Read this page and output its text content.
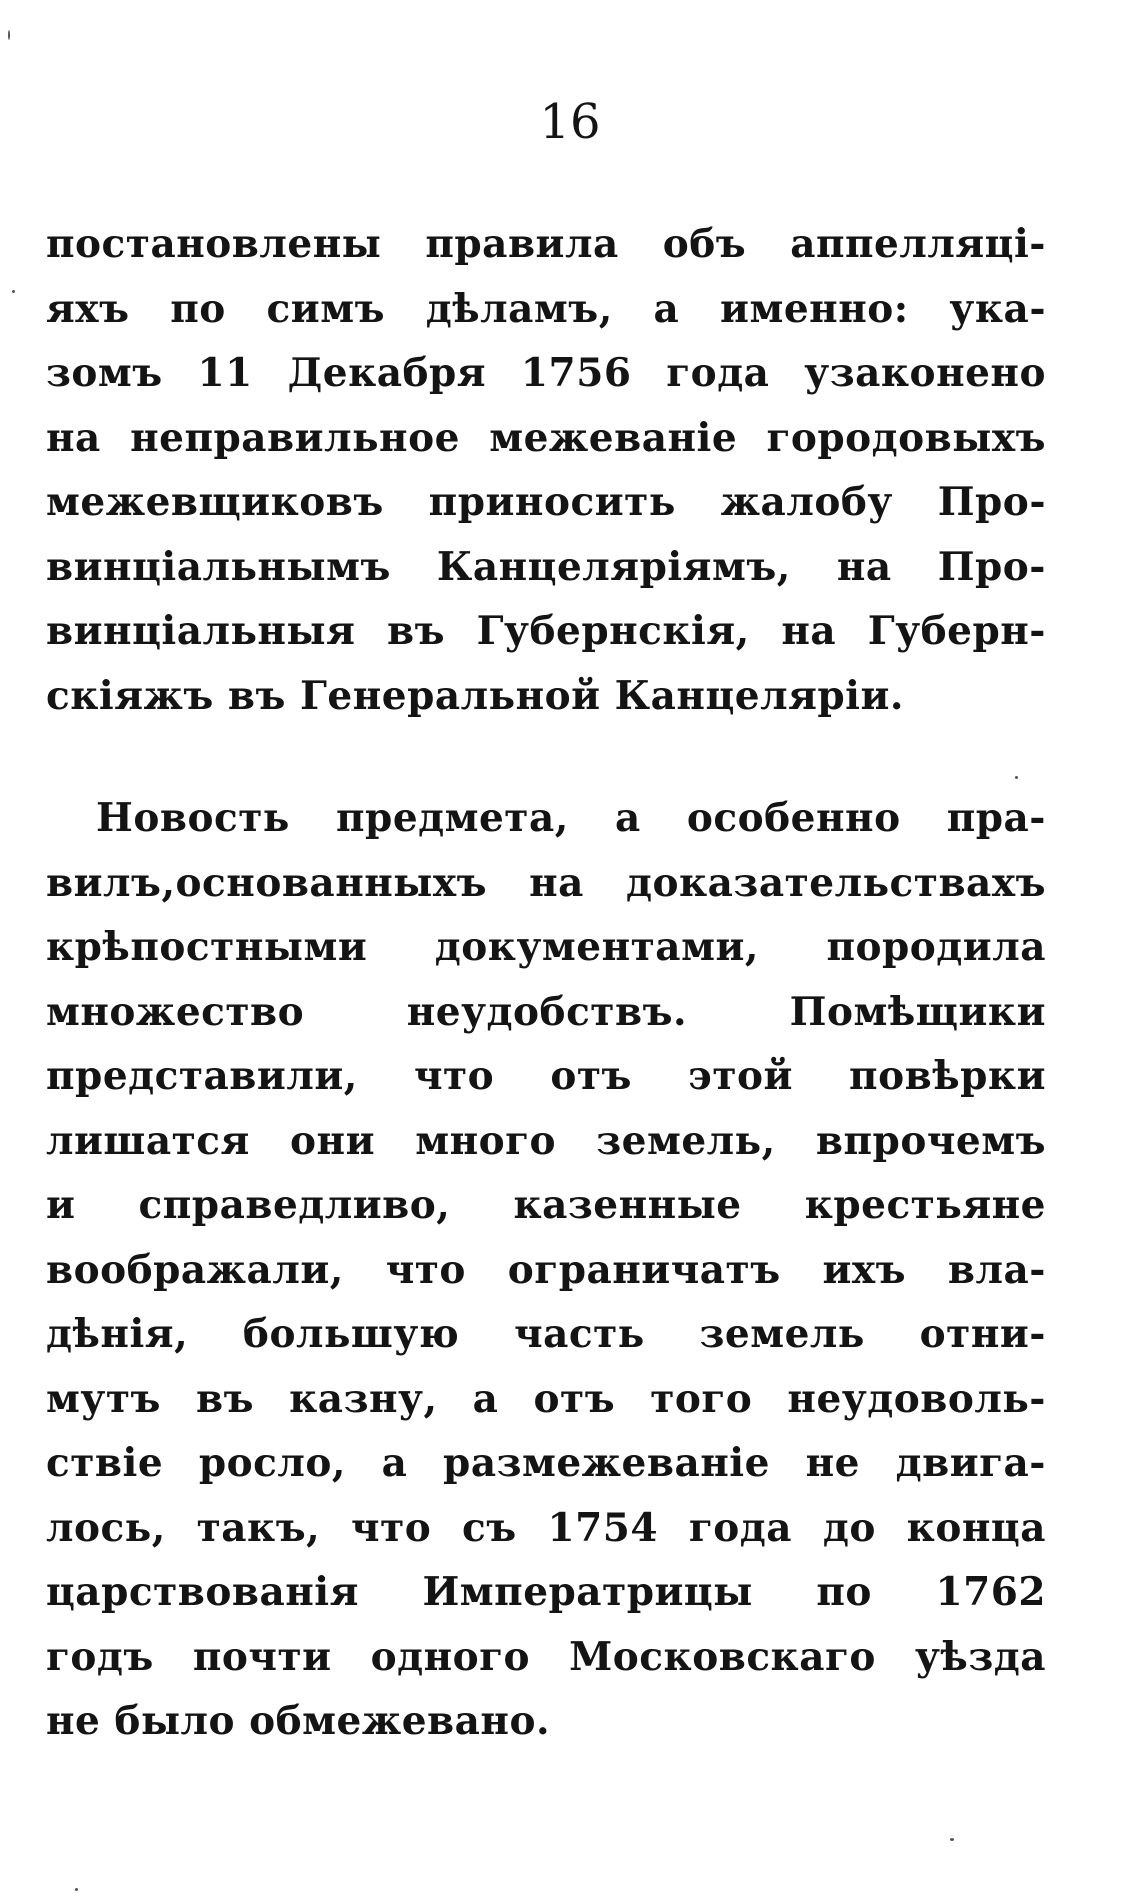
16
постановлены правила объ аппелляці-
яхъ по симъ дѣламъ, а именно: ука-
зомъ 11 Декабря 1756 года узаконено
на неправильное межеваніе городовыхъ
межевщиковъ приносить жалобу Про-
винціальнымъ Канцеляріямъ, на Про-
винціальныя въ Губернскія, на Губерн-
скіяжъ въ Генеральной Канцеляріи.
Новость предмета, а особенно пра-
вилъ,основанныхъ на доказательствахъ
крѣпостными документами, породила
множество неудобствъ. Помѣщики
представили, что отъ этой повѣрки
лишатся они много земель, впрочемъ
и справедливо, казенные крестьяне
воображали, что ограничатъ ихъ вла-
дѣнія, большую часть земель отни-
мутъ въ казну, а отъ того неудоволь-
ствіе росло, а размежеваніе не двига-
лось, такъ, что съ 1754 года до конца
царствованія Императрицы по 1762
годъ почти одного Московскаго уѣзда
не было обмежевано.
